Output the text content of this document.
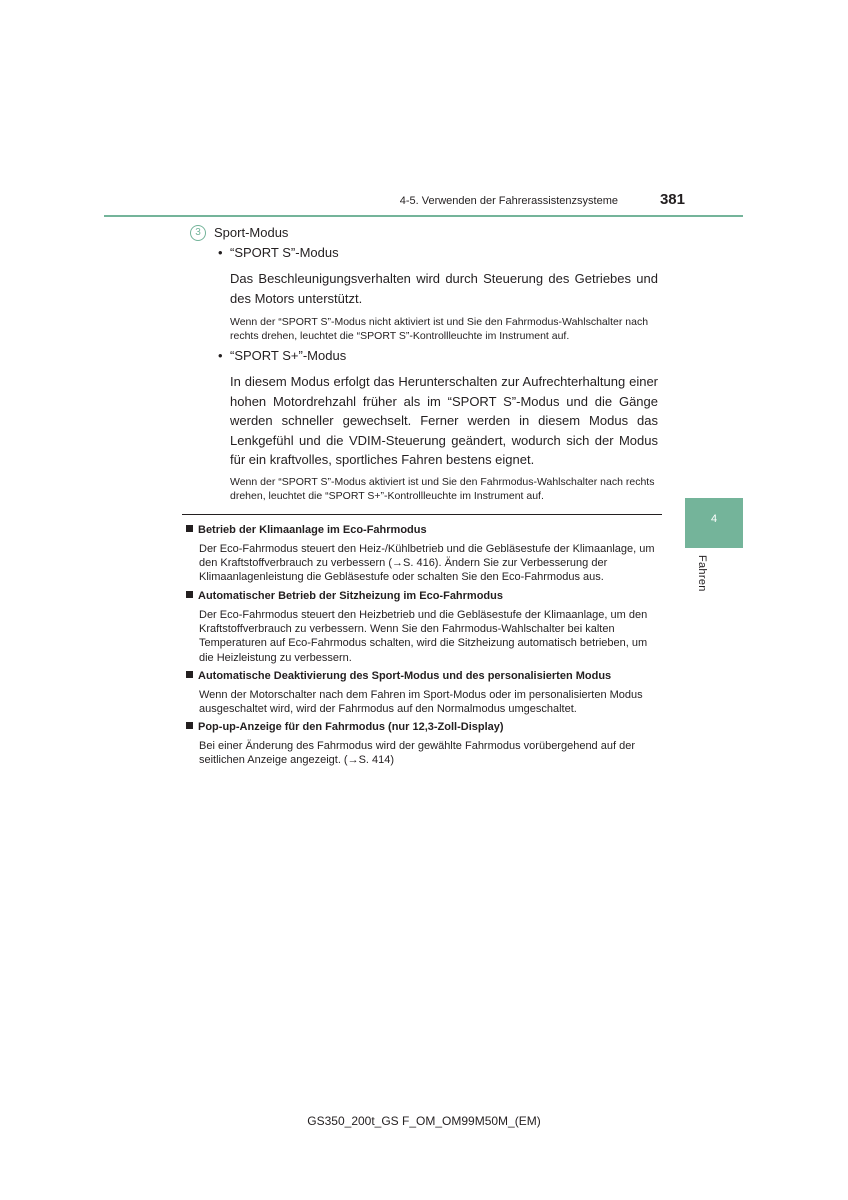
4-5. Verwenden der Fahrerassistenzsysteme	381
4
Fahren
3	Sport-Modus
• “SPORT S”-Modus
Das Beschleunigungsverhalten wird durch Steuerung des Getriebes und des Motors unterstützt.
Wenn der “SPORT S”-Modus nicht aktiviert ist und Sie den Fahrmodus-Wahlschalter nach rechts drehen, leuchtet die “SPORT S”-Kontrollleuchte im Instrument auf.
• “SPORT S+”-Modus
In diesem Modus erfolgt das Herunterschalten zur Aufrechterhaltung einer hohen Motordrehzahl früher als im “SPORT S”-Modus und die Gänge werden schneller gewechselt. Ferner werden in diesem Modus das Lenkgefühl und die VDIM-Steuerung geändert, wodurch sich der Modus für ein kraftvolles, sportliches Fahren bestens eignet.
Wenn der “SPORT S”-Modus aktiviert ist und Sie den Fahrmodus-Wahlschalter nach rechts drehen, leuchtet die “SPORT S+”-Kontrollleuchte im Instrument auf.
Betrieb der Klimaanlage im Eco-Fahrmodus
Der Eco-Fahrmodus steuert den Heiz-/Kühlbetrieb und die Gebläsestufe der Klimaanlage, um den Kraftstoffverbrauch zu verbessern (→S. 416). Ändern Sie zur Verbesserung der Klimaanlagenleistung die Gebläsestufe oder schalten Sie den Eco-Fahrmodus aus.
Automatischer Betrieb der Sitzheizung im Eco-Fahrmodus
Der Eco-Fahrmodus steuert den Heizbetrieb und die Gebläsestufe der Klimaanlage, um den Kraftstoffverbrauch zu verbessern. Wenn Sie den Fahrmodus-Wahlschalter bei kalten Temperaturen auf Eco-Fahrmodus schalten, wird die Sitzheizung automatisch betrieben, um die Heizleistung zu verbessern.
Automatische Deaktivierung des Sport-Modus und des personalisierten Modus
Wenn der Motorschalter nach dem Fahren im Sport-Modus oder im personalisierten Modus ausgeschaltet wird, wird der Fahrmodus auf den Normalmodus umgeschaltet.
Pop-up-Anzeige für den Fahrmodus (nur 12,3-Zoll-Display)
Bei einer Änderung des Fahrmodus wird der gewählte Fahrmodus vorübergehend auf der seitlichen Anzeige angezeigt. (→S. 414)
GS350_200t_GS F_OM_OM99M50M_(EM)
